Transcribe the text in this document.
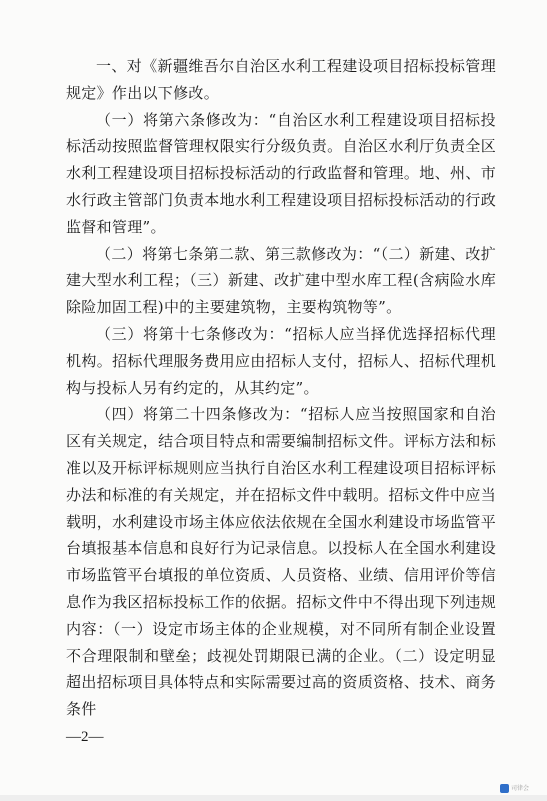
一、对《新疆维吾尔自治区水利工程建设项目招标投标管理规定》作出以下修改。

（一）将第六条修改为：“自治区水利工程建设项目招标投标活动按照监督管理权限实行分级负责。自治区水利厅负责全区水利工程建设项目招标投标活动的行政监督和管理。地、州、市水行政主管部门负责本地水利工程建设项目招标投标活动的行政监督和管理”。

（二）将第七条第二款、第三款修改为：“（二）新建、改扩建大型水利工程；（三）新建、改扩建中型水库工程(含病险水库除险加固工程)中的主要建筑物，主要构筑物等”。

（三）将第十七条修改为：“招标人应当择优选择招标代理机构。招标代理服务费用应由招标人支付，招标人、招标代理机构与投标人另有约定的，从其约定”。

（四）将第二十四条修改为：“招标人应当按照国家和自治区有关规定，结合项目特点和需要编制招标文件。评标方法和标准以及开标评标规则应当执行自治区水利工程建设项目招标评标办法和标准的有关规定，并在招标文件中载明。招标文件中应当载明，水利建设市场主体应依法依规在全国水利建设市场监管平台填报基本信息和良好行为记录信息。以投标人在全国水利建设市场监管平台填报的单位资质、人员资格、业绩、信用评价等信息作为我区招标投标工作的依据。招标文件中不得出现下列违规内容：（一）设定市场主体的企业规模，对不同所有制企业设置不合理限制和壁垒；歧视处罚期限已满的企业。（二）设定明显超出招标项目具体特点和实际需要过高的资质资格、技术、商务条件

—2—
司律会
